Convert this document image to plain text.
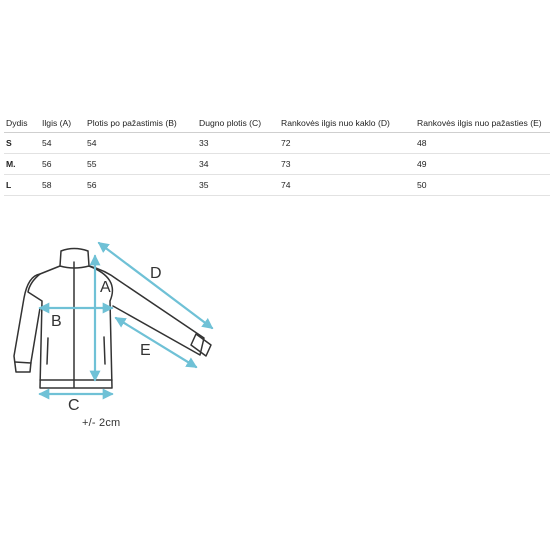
Dydis	Ilgis (A)	Plotis po pažastimis (B)	Dugno plotis (C)	Rankovės ilgis nuo kaklo (D)	Rankovės ilgis nuo pažasties (E)
S	54	54	33	72	48
M.	56	55	34	73	49
L	58	56	35	74	50
A
B
C
D
E
+/- 2cm
